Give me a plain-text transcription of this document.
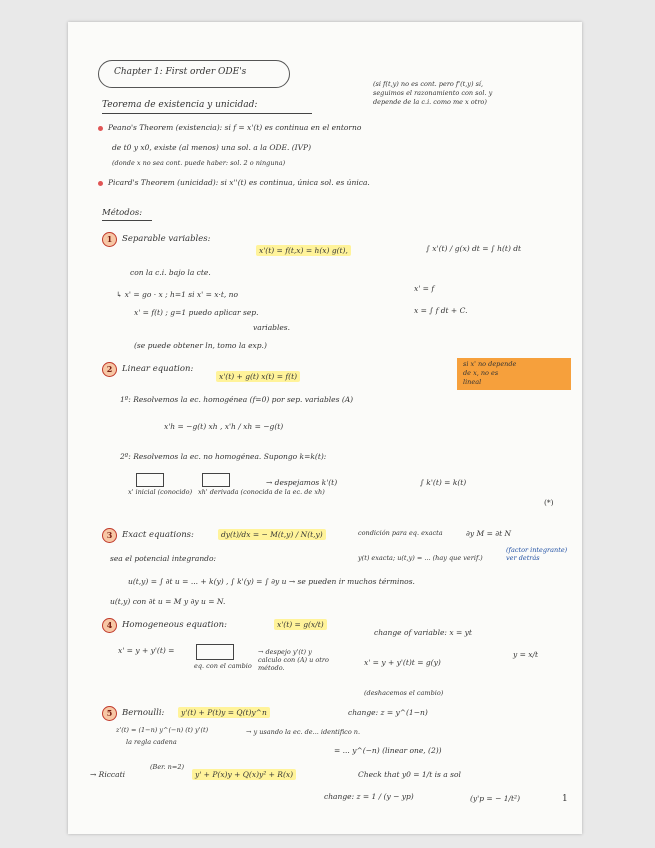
Chapter 1: First order ODE's
Teorema de existencia y unicidad:
(si f(t,y) no es cont. pero f'(t,y) sí,
seguimos el razonamiento con sol. y
depende de la c.i. como me x otro)
Peano's Theorem (existencia): si f = x'(t) es continua en el entorno
de t0 y x0, existe (al menos) una sol. a la ODE. (IVP)
(donde x no sea cont. puede haber: sol. 2 o ninguna)
Picard's Theorem (unicidad): si x''(t) es continua, única sol. es única.
Métodos:
1	Separable variables:
x'(t) = f(t,x) = h(x) g(t),	∫ x'(t) / g(x) dt = ∫ h(t) dt
con la c.i. bajo la cte.
↳ x' = go · x ; h=1 si x' = x·t, no
x' = f(t) ; g=1 puedo aplicar sep.
variables.
x' = f
x = ∫ f dt + C.
(se puede obtener ln, tomo la exp.)
2	Linear equation:
x'(t) + g(t) x(t) = f(t)
si x' no depende
de x, no es
lineal
1º: Resolvemos la ec. homogénea (f=0) por sep. variables (A)
x'h = −g(t) xh , x'h / xh = −g(t)
2º: Resolvemos la ec. no homogénea. Supongo k=k(t):
x' inicial (conocido) xh' derivada (conocida de la ec. de xh)
→ despejamos k'(t)	∫ k'(t) = k(t)
(*)
3	Exact equations:	dy(t)/dx = − M(t,y) / N(t,y)	condición para eq. exacta	∂y M = ∂t N
(factor integrante) ver detrás
sea el potencial integrando:	y(t) exacta; u(t,y) = ... (hay que verif.)
u(t,y) = ∫ ∂t u = ... + k(y) , ∫ k'(y) = ∫ ∂y u → se pueden ir muchos términos.
u(t,y) con ∂t u = M y ∂y u = N.
4	Homogeneous equation:	x'(t) = g(x/t)
change of variable: x = yt
x' = y + y'(t) =
eq. con el cambio
→ despejo y'(t) y calculo con (A) u otro método.
x' = y + y'(t)t = g(y)
y = x/t
(deshacemos el cambio)
5	Bernoulli:	y'(t) + P(t)y = Q(t)y^n	change: z = y^(1−n)
z'(t) = (1−n) y^(−n) (t) y'(t)
la regla cadena
→ y usando la ec. de... identifico n.
= ... y^(−n) (linear one, (2))
→ Riccati
(Ber. n=2)
y' + P(x)y + Q(x)y² + R(x)	Check that y0 = 1/t is a sol
change: z = 1 / (y − yp)	(y'p = − 1/t²)	1
